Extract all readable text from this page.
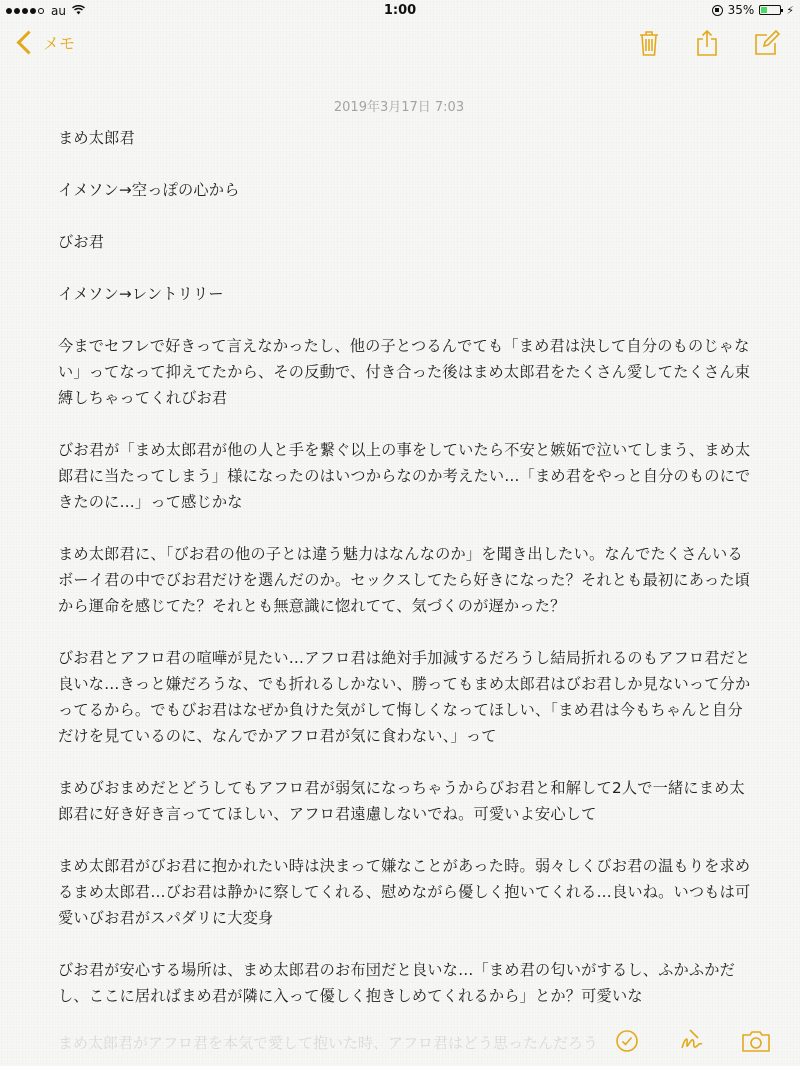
au	1:00	35%	⚡
メモ
2019年3月17日 7:03

まめ太郎君

イメソン→空っぽの心から

びお君

イメソン→レントリリー

今までセフレで好きって言えなかったし、他の子とつるんでても「まめ君は決して自分のものじゃない」ってなって抑えてたから、その反動で、付き合った後はまめ太郎君をたくさん愛してたくさん束縛しちゃってくれびお君

びお君が「まめ太郎君が他の人と手を繋ぐ以上の事をしていたら不安と嫉妬で泣いてしまう、まめ太郎君に当たってしまう」様になったのはいつからなのか考えたい…「まめ君をやっと自分のものにできたのに…」って感じかな

まめ太郎君に、「びお君の他の子とは違う魅力はなんなのか」を聞き出したい。なんでたくさんいるボーイ君の中でびお君だけを選んだのか。セックスしてたら好きになった？それとも最初にあった頃から運命を感じてた？それとも無意識に惚れてて、気づくのが遅かった？

びお君とアフロ君の喧嘩が見たい…アフロ君は絶対手加減するだろうし結局折れるのもアフロ君だと良いな…きっと嫌だろうな、でも折れるしかない、勝ってもまめ太郎君はびお君しか見ないって分かってるから。でもびお君はなぜか負けた気がして悔しくなってほしい、「まめ君は今もちゃんと自分だけを見ているのに、なんでかアフロ君が気に食わない、」って

まめびおまめだとどうしてもアフロ君が弱気になっちゃうからびお君と和解して2人で一緒にまめ太郎君に好き好き言っててほしい、アフロ君遠慮しないでね。可愛いよ安心して

まめ太郎君がびお君に抱かれたい時は決まって嫌なことがあった時。弱々しくびお君の温もりを求めるまめ太郎君…びお君は静かに察してくれる、慰めながら優しく抱いてくれる…良いね。いつもは可愛いびお君がスパダリに大変身

びお君が安心する場所は、まめ太郎君のお布団だと良いな…「まめ君の匂いがするし、ふかふかだし、ここに居ればまめ君が隣に入って優しく抱きしめてくれるから」とか？可愛いな

まめ太郎君がアフロ君を本気で愛して抱いた時、アフロ君はどう思ったんだろう
